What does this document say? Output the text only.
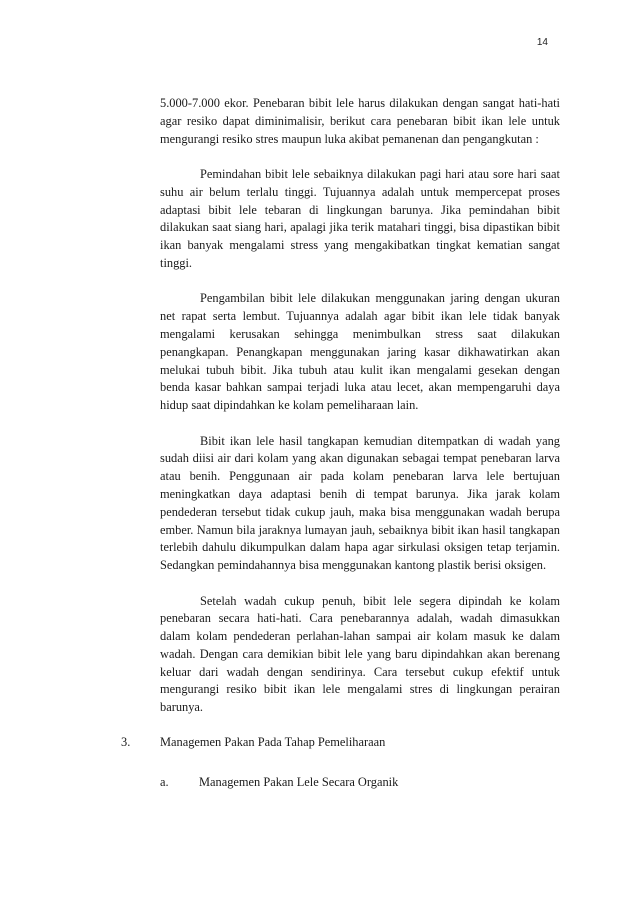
14

5.000-7.000 ekor. Penebaran bibit lele harus dilakukan dengan sangat hati-hati agar resiko dapat diminimalisir, berikut cara penebaran bibit ikan lele untuk mengurangi resiko stres maupun luka akibat pemanenan dan pengangkutan :

Pemindahan bibit lele sebaiknya dilakukan pagi hari atau sore hari saat suhu air belum terlalu tinggi. Tujuannya adalah untuk mempercepat proses adaptasi bibit lele tebaran di lingkungan barunya. Jika pemindahan bibit dilakukan saat siang hari, apalagi jika terik matahari tinggi, bisa dipastikan bibit ikan banyak mengalami stress yang mengakibatkan tingkat kematian sangat tinggi.

Pengambilan bibit lele dilakukan menggunakan jaring dengan ukuran net rapat serta lembut. Tujuannya adalah agar bibit ikan lele tidak banyak mengalami kerusakan sehingga menimbulkan stress saat dilakukan penangkapan. Penangkapan menggunakan jaring kasar dikhawatirkan akan melukai tubuh bibit. Jika tubuh atau kulit ikan mengalami gesekan dengan benda kasar bahkan sampai terjadi luka atau lecet, akan mempengaruhi daya hidup saat dipindahkan ke kolam pemeliharaan lain.

Bibit ikan lele hasil tangkapan kemudian ditempatkan di wadah yang sudah diisi air dari kolam yang akan digunakan sebagai tempat penebaran larva atau benih. Penggunaan air pada kolam penebaran larva lele bertujuan meningkatkan daya adaptasi benih di tempat barunya. Jika jarak kolam pendederan tersebut tidak cukup jauh, maka bisa menggunakan wadah berupa ember. Namun bila jaraknya lumayan jauh, sebaiknya bibit ikan hasil tangkapan terlebih dahulu dikumpulkan dalam hapa agar sirkulasi oksigen tetap terjamin. Sedangkan pemindahannya bisa menggunakan kantong plastik berisi oksigen.

Setelah wadah cukup penuh, bibit lele segera dipindah ke kolam penebaran secara hati-hati. Cara penebarannya adalah, wadah dimasukkan dalam kolam pendederan perlahan-lahan sampai air kolam masuk ke dalam wadah. Dengan cara demikian bibit lele yang baru dipindahkan akan berenang keluar dari wadah dengan sendirinya. Cara tersebut cukup efektif untuk mengurangi resiko bibit ikan lele mengalami stres di lingkungan perairan barunya.

3. Managemen Pakan Pada Tahap Pemeliharaan
a. Managemen Pakan Lele Secara Organik
